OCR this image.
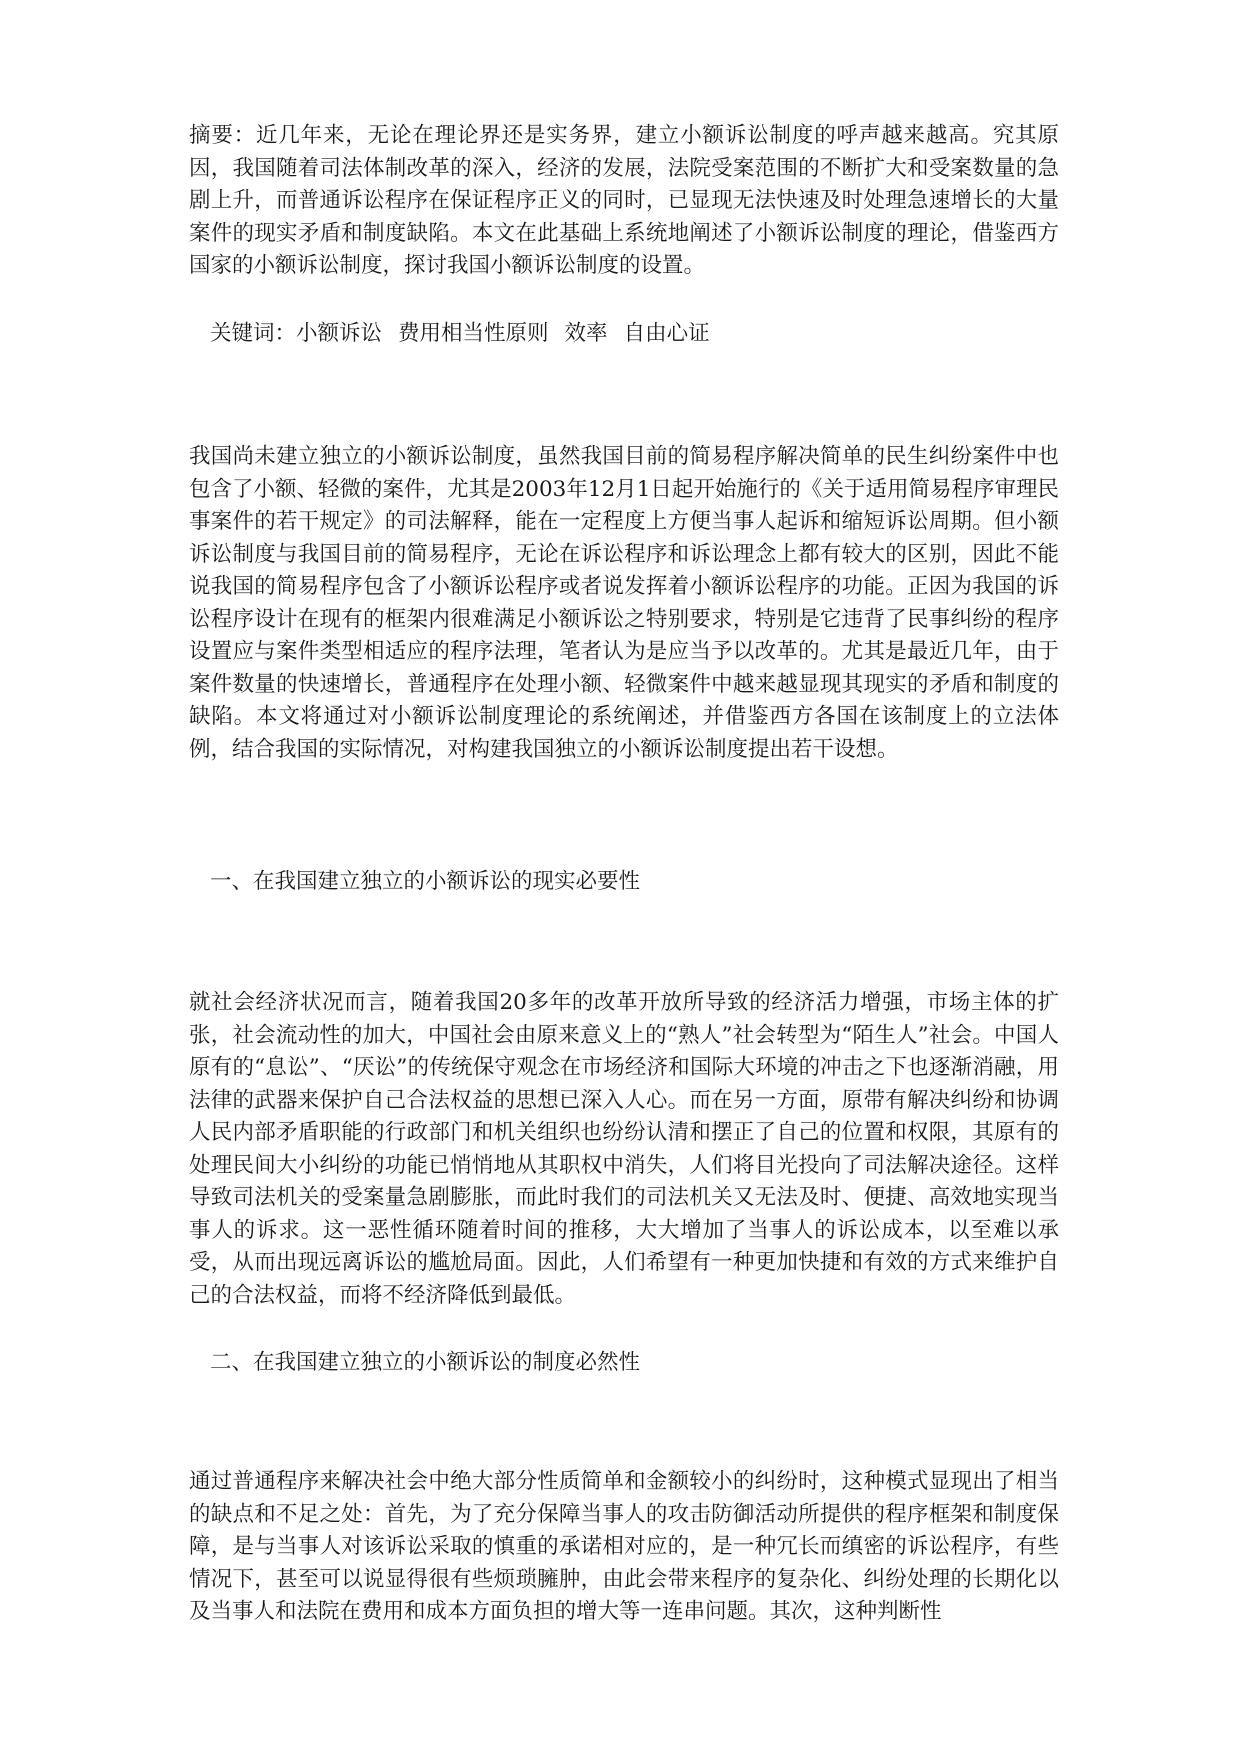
摘要：近几年来，无论在理论界还是实务界，建立小额诉讼制度的呼声越来越高。究其原因，我国随着司法体制改革的深入，经济的发展，法院受案范围的不断扩大和受案数量的急剧上升，而普通诉讼程序在保证程序正义的同时，已显现无法快速及时处理急速增长的大量案件的现实矛盾和制度缺陷。本文在此基础上系统地阐述了小额诉讼制度的理论，借鉴西方国家的小额诉讼制度，探讨我国小额诉讼制度的设置。

关键词：小额诉讼 费用相当性原则 效率 自由心证

我国尚未建立独立的小额诉讼制度，虽然我国目前的简易程序解决简单的民生纠纷案件中也包含了小额、轻微的案件，尤其是2003年12月1日起开始施行的《关于适用简易程序审理民事案件的若干规定》的司法解释，能在一定程度上方便当事人起诉和缩短诉讼周期。但小额诉讼制度与我国目前的简易程序，无论在诉讼程序和诉讼理念上都有较大的区别，因此不能说我国的简易程序包含了小额诉讼程序或者说发挥着小额诉讼程序的功能。正因为我国的诉讼程序设计在现有的框架内很难满足小额诉讼之特别要求，特别是它违背了民事纠纷的程序设置应与案件类型相适应的程序法理，笔者认为是应当予以改革的。尤其是最近几年，由于案件数量的快速增长，普通程序在处理小额、轻微案件中越来越显现其现实的矛盾和制度的缺陷。本文将通过对小额诉讼制度理论的系统阐述，并借鉴西方各国在该制度上的立法体例，结合我国的实际情况，对构建我国独立的小额诉讼制度提出若干设想。

一、在我国建立独立的小额诉讼的现实必要性

就社会经济状况而言，随着我国20多年的改革开放所导致的经济活力增强，市场主体的扩张，社会流动性的加大，中国社会由原来意义上的“熟人”社会转型为“陌生人”社会。中国人原有的“息讼”、“厌讼”的传统保守观念在市场经济和国际大环境的冲击之下也逐渐消融，用法律的武器来保护自己合法权益的思想已深入人心。而在另一方面，原带有解决纠纷和协调人民内部矛盾职能的行政部门和机关组织也纷纷认清和摆正了自己的位置和权限，其原有的处理民间大小纠纷的功能已悄悄地从其职权中消失，人们将目光投向了司法解决途径。这样导致司法机关的受案量急剧膨胀，而此时我们的司法机关又无法及时、便捷、高效地实现当事人的诉求。这一恶性循环随着时间的推移，大大增加了当事人的诉讼成本，以至难以承受，从而出现远离诉讼的尴尬局面。因此，人们希望有一种更加快捷和有效的方式来维护自己的合法权益，而将不经济降低到最低。

二、在我国建立独立的小额诉讼的制度必然性

通过普通程序来解决社会中绝大部分性质简单和金额较小的纠纷时，这种模式显现出了相当的缺点和不足之处：首先，为了充分保障当事人的攻击防御活动所提供的程序框架和制度保障，是与当事人对该诉讼采取的慎重的承诺相对应的，是一种冗长而缜密的诉讼程序，有些情况下，甚至可以说显得很有些烦琐臃肿，由此会带来程序的复杂化、纠纷处理的长期化以及当事人和法院在费用和成本方面负担的增大等一连串问题。其次，这种判断性
